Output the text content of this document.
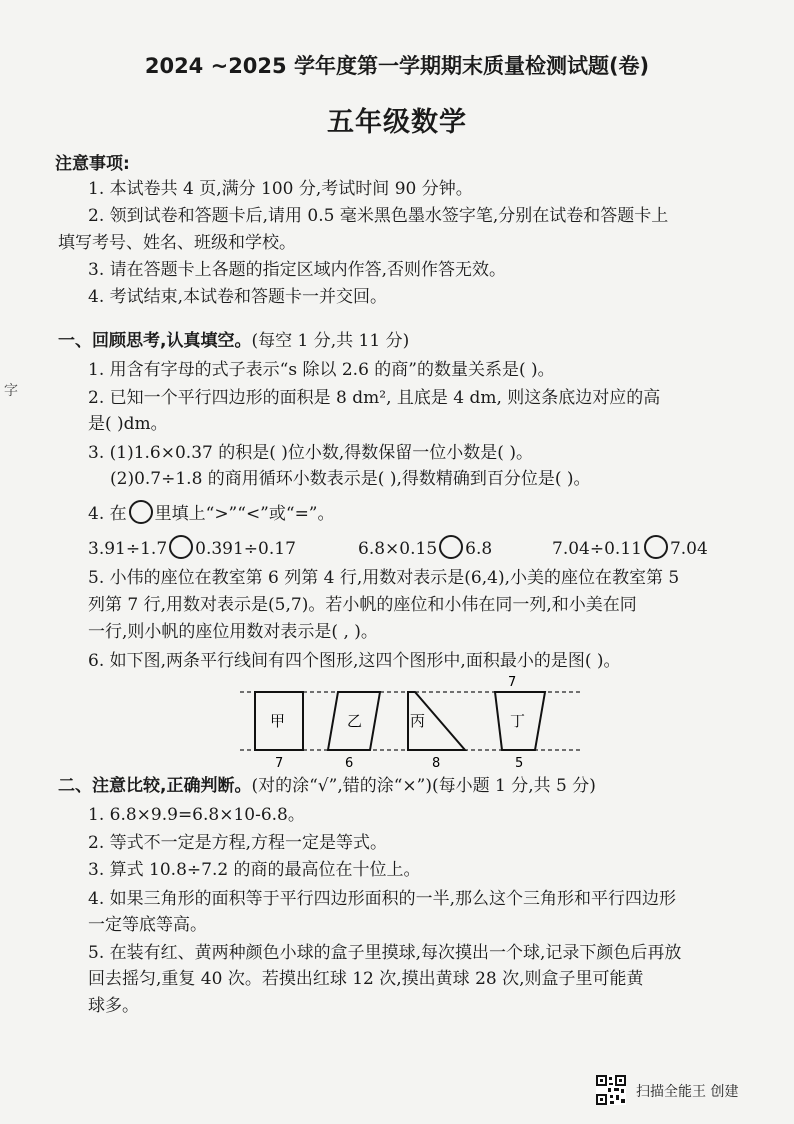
2024 ~2025 学年度第一学期期末质量检测试题(卷)
五年级数学
字
注意事项:
1. 本试卷共 4 页,满分 100 分,考试时间 90 分钟。
2. 领到试卷和答题卡后,请用 0.5 毫米黑色墨水签字笔,分别在试卷和答题卡上
填写考号、姓名、班级和学校。
3. 请在答题卡上各题的指定区域内作答,否则作答无效。
4. 考试结束,本试卷和答题卡一并交回。
一、回顾思考,认真填空。(每空 1 分,共 11 分)
1. 用含有字母的式子表示“s 除以 2.6 的商”的数量关系是( )。
2. 已知一个平行四边形的面积是 8 dm², 且底是 4 dm, 则这条底边对应的高
是( )dm。
3. (1)1.6×0.37 的积是( )位小数,得数保留一位小数是( )。
(2)0.7÷1.8 的商用循环小数表示是( ),得数精确到百分位是( )。
4. 在 里填上“>”“<”或“=”。
3.91÷1.7 0.391÷0.17	6.8×0.15 6.8	7.04÷0.11 7.04
5. 小伟的座位在教室第 6 列第 4 行,用数对表示是(6,4),小美的座位在教室第 5
列第 7 行,用数对表示是(5,7)。若小帆的座位和小伟在同一列,和小美在同
一行,则小帆的座位用数对表示是( , )。
6. 如下图,两条平行线间有四个图形,这四个图形中,面积最小的是图( )。
甲	乙	丙	丁
7
7	6	8	5
二、注意比较,正确判断。(对的涂“√”,错的涂“×”)(每小题 1 分,共 5 分)
1. 6.8×9.9=6.8×10-6.8。
2. 等式不一定是方程,方程一定是等式。
3. 算式 10.8÷7.2 的商的最高位在十位上。
4. 如果三角形的面积等于平行四边形面积的一半,那么这个三角形和平行四边形
一定等底等高。
5. 在装有红、黄两种颜色小球的盒子里摸球,每次摸出一个球,记录下颜色后再放
回去摇匀,重复 40 次。若摸出红球 12 次,摸出黄球 28 次,则盒子里可能黄
球多。
扫描全能王 创建
